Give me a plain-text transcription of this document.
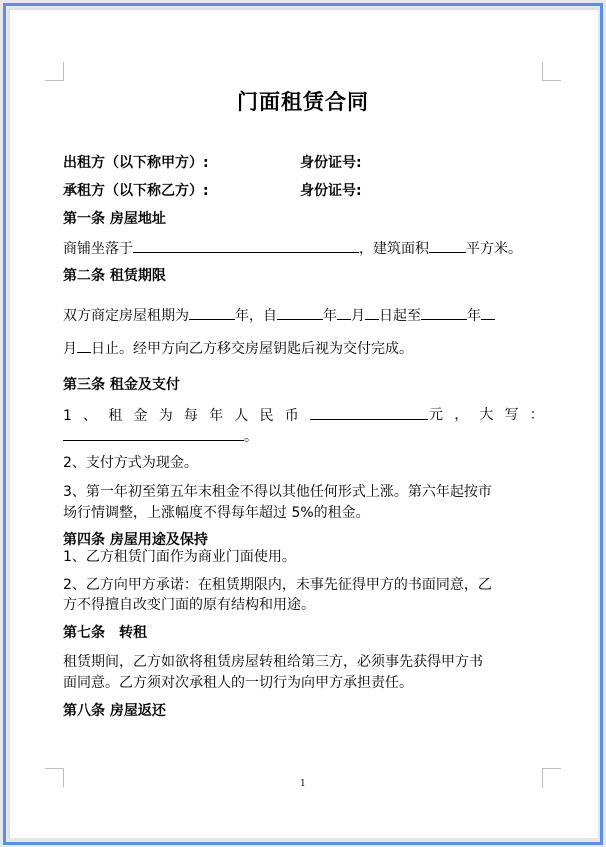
门面租赁合同
出租方（以下称甲方）:	身份证号:
承租方（以下称乙方）:	身份证号:
第一条 房屋地址
商铺坐落于	，建筑面积	平方米。
第二条 租赁期限
双方商定房屋租期为	年，自	年 月 日起至	年
月 日止。经甲方向乙方移交房屋钥匙后视为交付完成。
第三条 租金及支付
1、租金为每年人民币	元，大写：
。
2、支付方式为现金。
3、第一年初至第五年末租金不得以其他任何形式上涨。第六年起按市
场行情调整，上涨幅度不得每年超过 5%的租金。
第四条 房屋用途及保持
1、乙方租赁门面作为商业门面使用。
2、乙方向甲方承诺：在租赁期限内，未事先征得甲方的书面同意，乙
方不得擅自改变门面的原有结构和用途。
第七条　转租
租赁期间，乙方如欲将租赁房屋转租给第三方，必须事先获得甲方书
面同意。乙方须对次承租人的一切行为向甲方承担责任。
第八条 房屋返还
1
